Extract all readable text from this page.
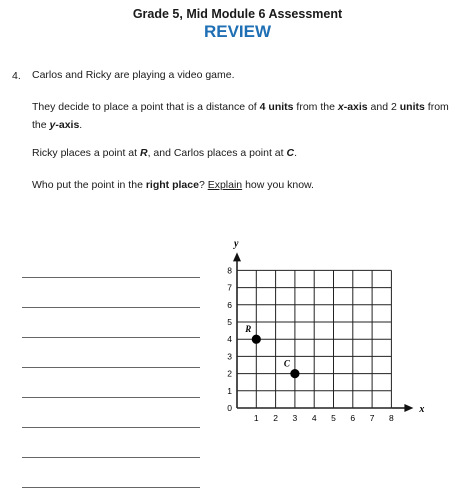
Grade 5, Mid Module 6 Assessment
REVIEW
4. Carlos and Ricky are playing a video game.
They decide to place a point that is a distance of 4 units from the x-axis and 2 units from the y-axis.
Ricky places a point at R, and Carlos places a point at C.
Who put the point in the right place? Explain how you know.
x
y
1 2 3 4 5 6 7 8
0
1
2
3
4
5
6
7
8
R
C
